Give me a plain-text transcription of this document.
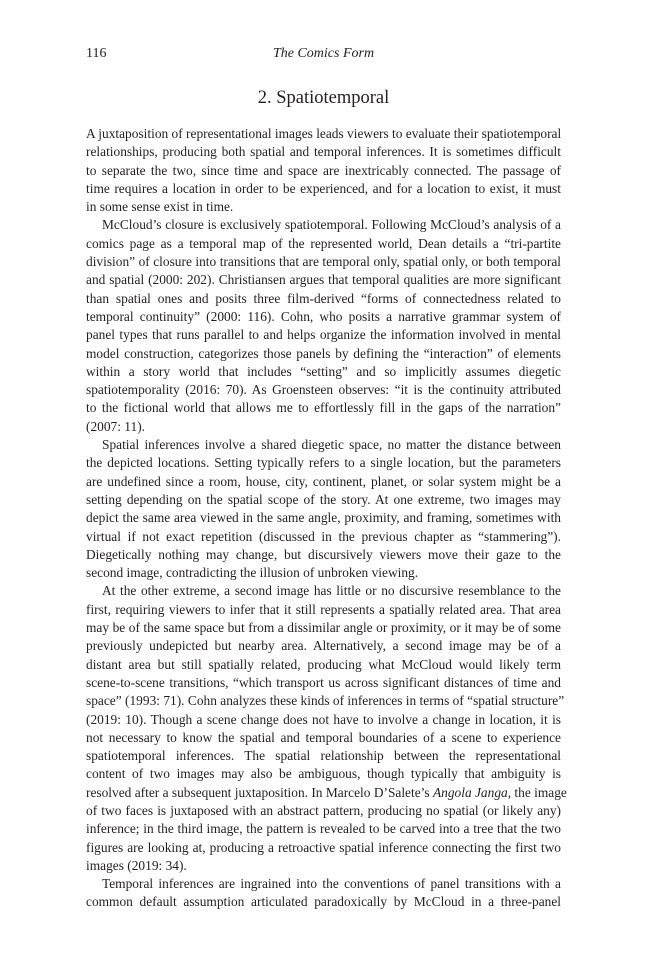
116	The Comics Form
2. Spatiotemporal
A juxtaposition of representational images leads viewers to evaluate their spatiotemporal
relationships, producing both spatial and temporal inferences. It is sometimes difficult
to separate the two, since time and space are inextricably connected. The passage of
time requires a location in order to be experienced, and for a location to exist, it must
in some sense exist in time.
McCloud’s closure is exclusively spatiotemporal. Following McCloud’s analysis of a
comics page as a temporal map of the represented world, Dean details a “tri-partite
division” of closure into transitions that are temporal only, spatial only, or both temporal
and spatial (2000: 202). Christiansen argues that temporal qualities are more significant
than spatial ones and posits three film-derived “forms of connectedness related to
temporal continuity” (2000: 116). Cohn, who posits a narrative grammar system of
panel types that runs parallel to and helps organize the information involved in mental
model construction, categorizes those panels by defining the “interaction” of elements
within a story world that includes “setting” and so implicitly assumes diegetic
spatiotemporality (2016: 70). As Groensteen observes: “it is the continuity attributed
to the fictional world that allows me to effortlessly fill in the gaps of the narration”
(2007: 11).
Spatial inferences involve a shared diegetic space, no matter the distance between
the depicted locations. Setting typically refers to a single location, but the parameters
are undefined since a room, house, city, continent, planet, or solar system might be a
setting depending on the spatial scope of the story. At one extreme, two images may
depict the same area viewed in the same angle, proximity, and framing, sometimes with
virtual if not exact repetition (discussed in the previous chapter as “stammering”).
Diegetically nothing may change, but discursively viewers move their gaze to the
second image, contradicting the illusion of unbroken viewing.
At the other extreme, a second image has little or no discursive resemblance to the
first, requiring viewers to infer that it still represents a spatially related area. That area
may be of the same space but from a dissimilar angle or proximity, or it may be of some
previously undepicted but nearby area. Alternatively, a second image may be of a
distant area but still spatially related, producing what McCloud would likely term
scene-to-scene transitions, “which transport us across significant distances of time and
space” (1993: 71). Cohn analyzes these kinds of inferences in terms of “spatial structure”
(2019: 10). Though a scene change does not have to involve a change in location, it is
not necessary to know the spatial and temporal boundaries of a scene to experience
spatiotemporal inferences. The spatial relationship between the representational
content of two images may also be ambiguous, though typically that ambiguity is
resolved after a subsequent juxtaposition. In Marcelo D’Salete’s Angola Janga, the image
of two faces is juxtaposed with an abstract pattern, producing no spatial (or likely any)
inference; in the third image, the pattern is revealed to be carved into a tree that the two
figures are looking at, producing a retroactive spatial inference connecting the first two
images (2019: 34).
Temporal inferences are ingrained into the conventions of panel transitions with a
common default assumption articulated paradoxically by McCloud in a three-panel
